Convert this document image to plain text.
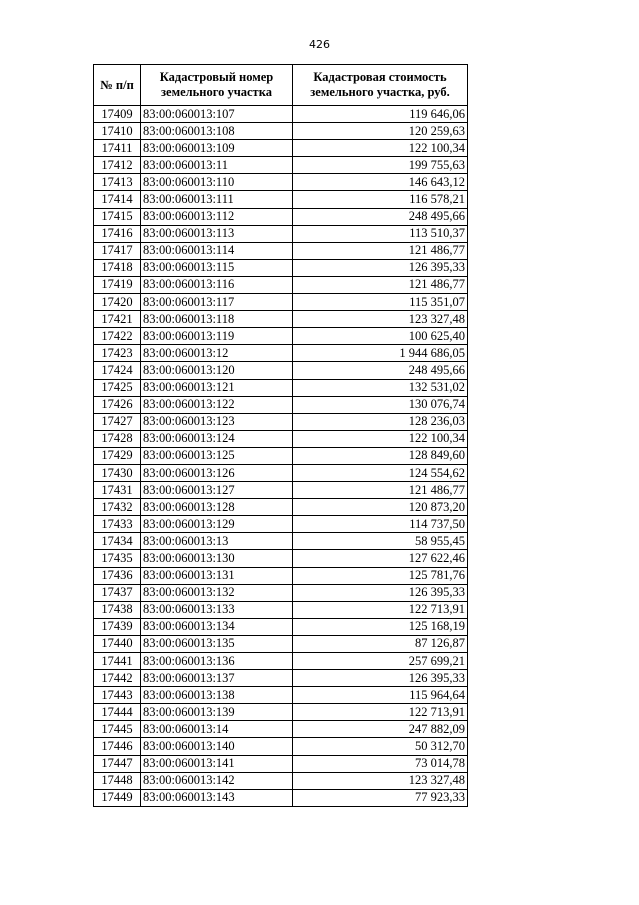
426
№ п/п	Кадастровый номер земельного участка	Кадастровая стоимость земельного участка, руб.
17409	83:00:060013:107	119 646,06
17410	83:00:060013:108	120 259,63
17411	83:00:060013:109	122 100,34
17412	83:00:060013:11	199 755,63
17413	83:00:060013:110	146 643,12
17414	83:00:060013:111	116 578,21
17415	83:00:060013:112	248 495,66
17416	83:00:060013:113	113 510,37
17417	83:00:060013:114	121 486,77
17418	83:00:060013:115	126 395,33
17419	83:00:060013:116	121 486,77
17420	83:00:060013:117	115 351,07
17421	83:00:060013:118	123 327,48
17422	83:00:060013:119	100 625,40
17423	83:00:060013:12	1 944 686,05
17424	83:00:060013:120	248 495,66
17425	83:00:060013:121	132 531,02
17426	83:00:060013:122	130 076,74
17427	83:00:060013:123	128 236,03
17428	83:00:060013:124	122 100,34
17429	83:00:060013:125	128 849,60
17430	83:00:060013:126	124 554,62
17431	83:00:060013:127	121 486,77
17432	83:00:060013:128	120 873,20
17433	83:00:060013:129	114 737,50
17434	83:00:060013:13	58 955,45
17435	83:00:060013:130	127 622,46
17436	83:00:060013:131	125 781,76
17437	83:00:060013:132	126 395,33
17438	83:00:060013:133	122 713,91
17439	83:00:060013:134	125 168,19
17440	83:00:060013:135	87 126,87
17441	83:00:060013:136	257 699,21
17442	83:00:060013:137	126 395,33
17443	83:00:060013:138	115 964,64
17444	83:00:060013:139	122 713,91
17445	83:00:060013:14	247 882,09
17446	83:00:060013:140	50 312,70
17447	83:00:060013:141	73 014,78
17448	83:00:060013:142	123 327,48
17449	83:00:060013:143	77 923,33
